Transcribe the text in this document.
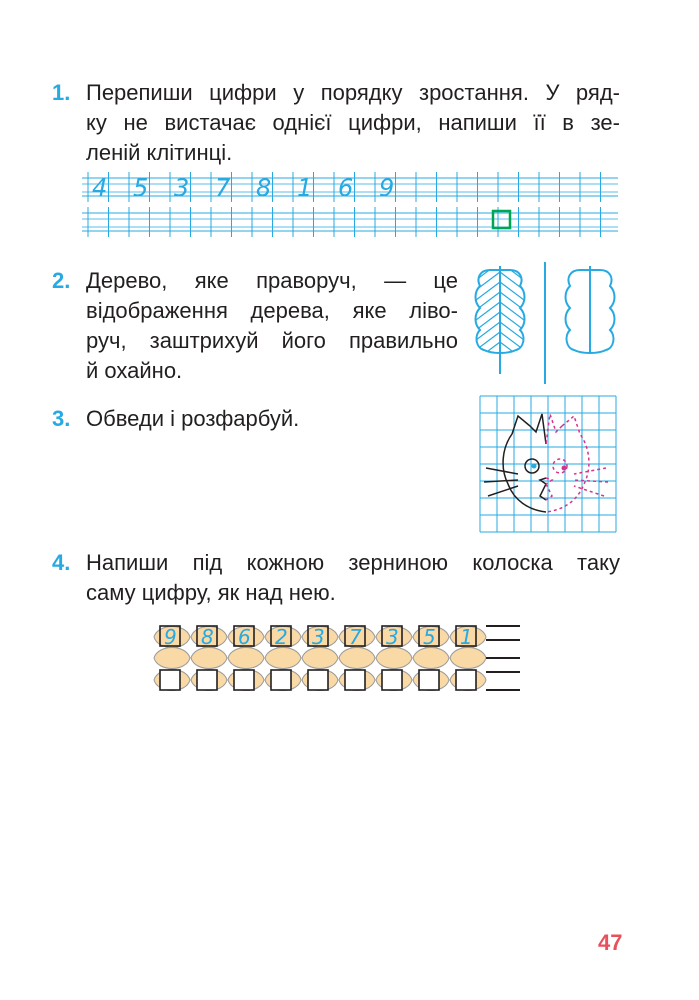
1. Перепиши цифри у порядку зростання. У ряд-
ку не вистачає однієї цифри, напиши її в зе-
леній клітинці.
4 5 3 7 8 1 6 9
2. Дерево, яке праворуч, — це
відображення дерева, яке ліво-
руч, заштрихуй його правильно
й охайно.
3. Обведи і розфарбуй.
4. Напиши під кожною зерниною колоска таку
саму цифру, як над нею.
9 8 6 2 3 7 3 5 1
47
